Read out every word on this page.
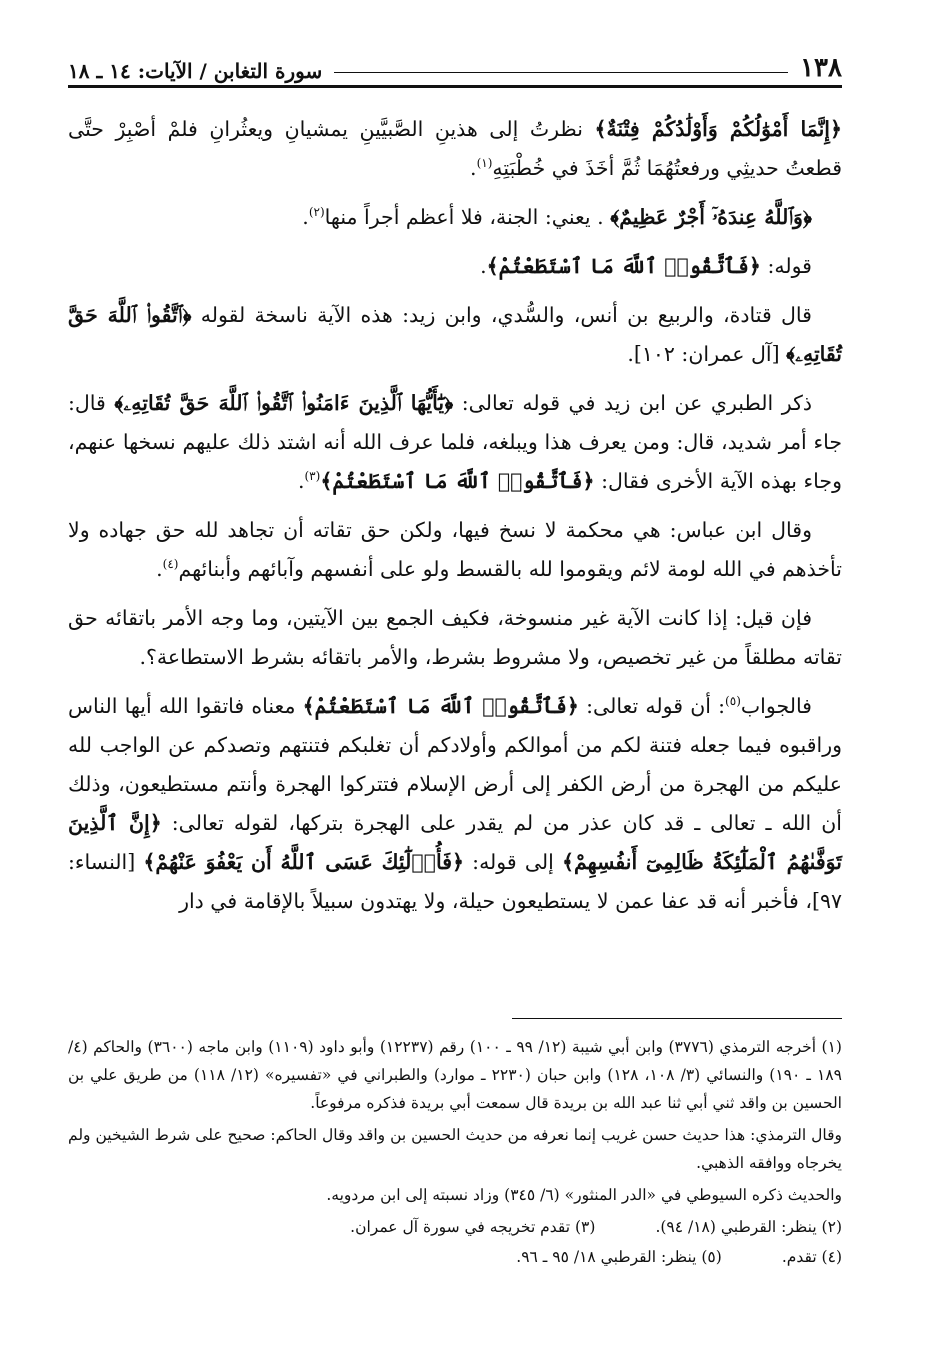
١٣٨
سورة التغابن / الآيات: ١٤ ـ ١٨

﴿إِنَّمَا أَمْوَٰلُكُمْ وَأَوْلَٰدُكُمْ فِتْنَةٌ﴾ نظرتُ إلى هذينِ الصَّبيَّينِ يمشيانِ ويعثُرانِ فلمْ أصْبِرْ حتَّى قطعتُ حديثِي ورفعتُهُمَا ثُمَّ أخَذَ في خُطْبَتِهِ$^{(١)}$.

﴿وَٱللَّهُ عِندَهُۥٓ أَجْرٌ عَظِيمٌ﴾ . يعني: الجنة، فلا أعظم أجراً منها$^{(٢)}$.

قوله: ﴿فَٱتَّقُوا۟ ٱللَّهَ مَا ٱسْتَطَعْتُمْ﴾.

قال قتادة، والربيع بن أنس، والسُّدي، وابن زيد: هذه الآية ناسخة لقوله ﴿ٱتَّقُوا۟ ٱللَّهَ حَقَّ تُقَاتِهِۦ﴾ [آل عمران: ١٠٢].

ذكر الطبري عن ابن زيد في قوله تعالى: ﴿يَٰٓأَيُّهَا ٱلَّذِينَ ءَامَنُوا۟ ٱتَّقُوا۟ ٱللَّهَ حَقَّ تُقَاتِهِۦ﴾ قال: جاء أمر شديد، قال: ومن يعرف هذا ويبلغه، فلما عرف الله أنه اشتد ذلك عليهم نسخها عنهم، وجاء بهذه الآية الأخرى فقال: ﴿فَٱتَّقُوا۟ ٱللَّهَ مَا ٱسْتَطَعْتُمْ﴾$^{(٣)}$.

وقال ابن عباس: هي محكمة لا نسخ فيها، ولكن حق تقاته أن تجاهد لله حق جهاده ولا تأخذهم في الله لومة لائم ويقوموا لله بالقسط ولو على أنفسهم وآبائهم وأبنائهم$^{(٤)}$.

فإن قيل: إذا كانت الآية غير منسوخة، فكيف الجمع بين الآيتين، وما وجه الأمر باتقائه حق تقاته مطلقاً من غير تخصيص، ولا مشروط بشرط، والأمر باتقائه بشرط الاستطاعة؟.

فالجواب$^{(٥)}$: أن قوله تعالى: ﴿فَٱتَّقُوا۟ ٱللَّهَ مَا ٱسْتَطَعْتُمْ﴾ معناه فاتقوا الله أيها الناس وراقبوه فيما جعله فتنة لكم من أموالكم وأولادكم أن تغلبكم فتنتهم وتصدكم عن الواجب لله عليكم من الهجرة من أرض الكفر إلى أرض الإسلام فتتركوا الهجرة وأنتم مستطيعون، وذلك أن الله ـ تعالى ـ قد كان عذر من لم يقدر على الهجرة بتركها، لقوله تعالى: ﴿إِنَّ ٱلَّذِينَ تَوَفَّىٰهُمُ ٱلْمَلَٰٓئِكَةُ ظَالِمِىٓ أَنفُسِهِمْ﴾ إلى قوله: ﴿فَأُو۟لَٰٓئِكَ عَسَى ٱللَّهُ أَن يَعْفُوَ عَنْهُمْ﴾ [النساء: ٩٧]، فأخبر أنه قد عفا عمن لا يستطيعون حيلة، ولا يهتدون سبيلاً بالإقامة في دار

(١) أخرجه الترمذي (٣٧٧٦) وابن أبي شيبة (١٢/ ٩٩ ـ ١٠٠) رقم (١٢٢٣٧) وأبو داود (١١٠٩) وابن ماجه (٣٦٠٠) والحاكم (٤/ ١٨٩ ـ ١٩٠) والنسائي (٣/ ١٠٨، ١٢٨) وابن حبان (٢٢٣٠ ـ موارد) والطبراني في «تفسيره» (١٢/ ١١٨) من طريق علي بن الحسين بن واقد ثني أبي ثنا عبد الله بن بريدة قال سمعت أبي بريدة فذكره مرفوعاً.

وقال الترمذي: هذا حديث حسن غريب إنما نعرفه من حديث الحسين بن واقد وقال الحاكم: صحيح على شرط الشيخين ولم يخرجاه ووافقه الذهبي.

والحديث ذكره السيوطي في «الدر المنثور» (٦/ ٣٤٥) وزاد نسبته إلى ابن مردويه.

(٢) ينظر: القرطبي (١٨/ ٩٤).
(٣) تقدم تخريجه في سورة آل عمران.
(٤) تقدم.
(٥) ينظر: القرطبي ١٨/ ٩٥ ـ ٩٦.
